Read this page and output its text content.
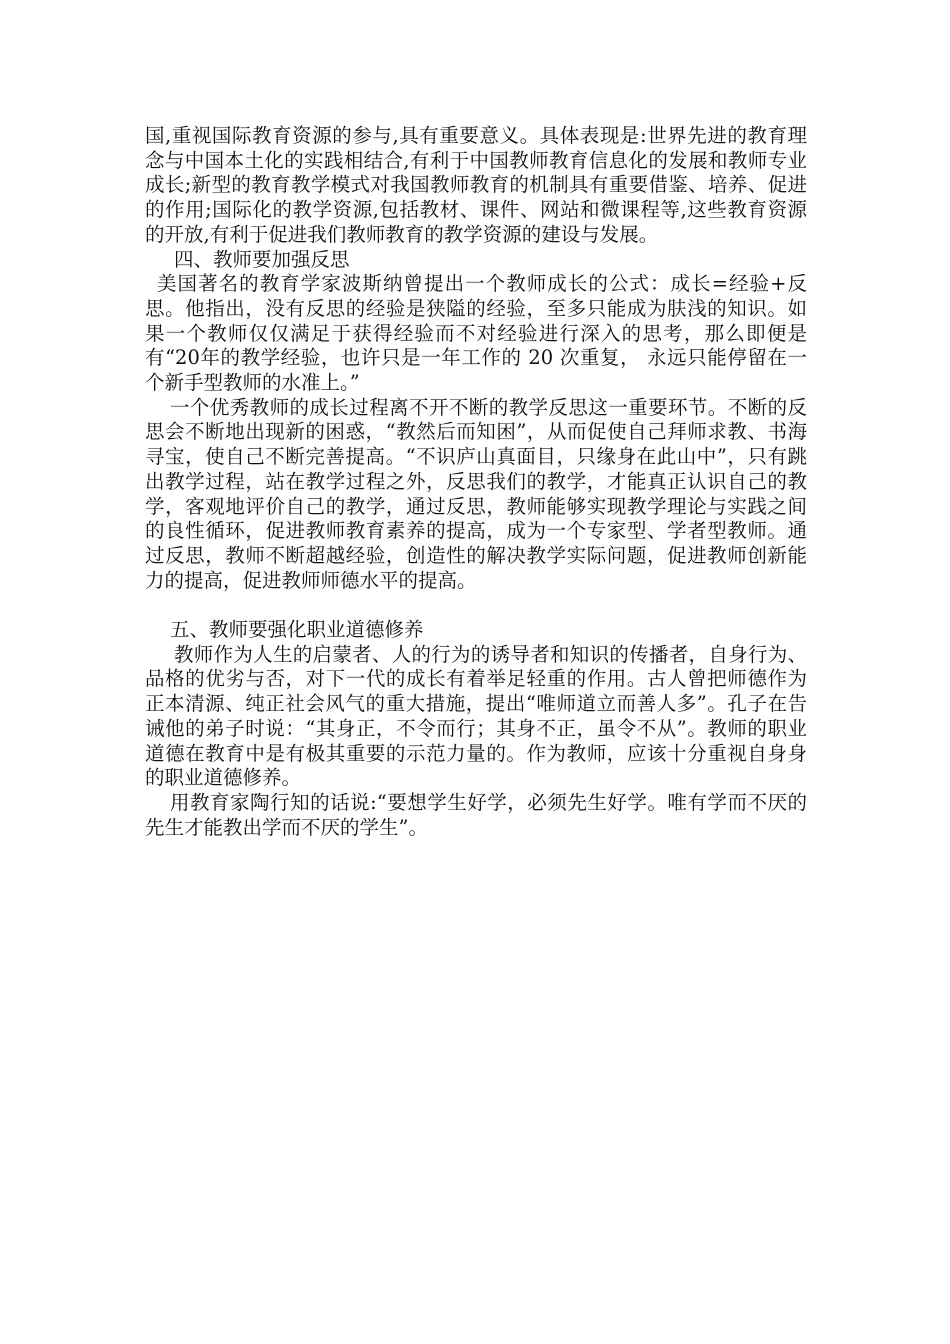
国,重视国际教育资源的参与,具有重要意义。具体表现是:世界先进的教育理念与中国本土化的实践相结合,有利于中国教师教育信息化的发展和教师专业成长;新型的教育教学模式对我国教师教育的机制具有重要借鉴、培养、促进的作用;国际化的教学资源,包括教材、课件、网站和微课程等,这些教育资源的开放,有利于促进我们教师教育的教学资源的建设与发展。

四、教师要加强反思

美国著名的教育学家波斯纳曾提出一个教师成长的公式：成长=经验+反思。他指出，没有反思的经验是狭隘的经验，至多只能成为肤浅的知识。如果一个教师仅仅满足于获得经验而不对经验进行深入的思考，那么即便是有“20年的教学经验，也许只是一年工作的 20 次重复， 永远只能停留在一个新手型教师的水准上。”

一个优秀教师的成长过程离不开不断的教学反思这一重要环节。不断的反思会不断地出现新的困惑，“教然后而知困”，从而促使自己拜师求教、书海寻宝，使自己不断完善提高。“不识庐山真面目，只缘身在此山中”，只有跳出教学过程，站在教学过程之外，反思我们的教学，才能真正认识自己的教学，客观地评价自己的教学，通过反思，教师能够实现教学理论与实践之间的良性循环，促进教师教育素养的提高，成为一个专家型、学者型教师。通过反思，教师不断超越经验，创造性的解决教学实际问题，促进教师创新能力的提高，促进教师师德水平的提高。

五、教师要强化职业道德修养

教师作为人生的启蒙者、人的行为的诱导者和知识的传播者，自身行为、品格的优劣与否，对下一代的成长有着举足轻重的作用。古人曾把师德作为正本清源、纯正社会风气的重大措施，提出“唯师道立而善人多”。孔子在告诫他的弟子时说：“其身正，不令而行；其身不正，虽令不从”。教师的职业道德在教育中是有极其重要的示范力量的。作为教师，应该十分重视自身身的职业道德修养。

用教育家陶行知的话说:“要想学生好学，必须先生好学。唯有学而不厌的先生才能教出学而不厌的学生”。
